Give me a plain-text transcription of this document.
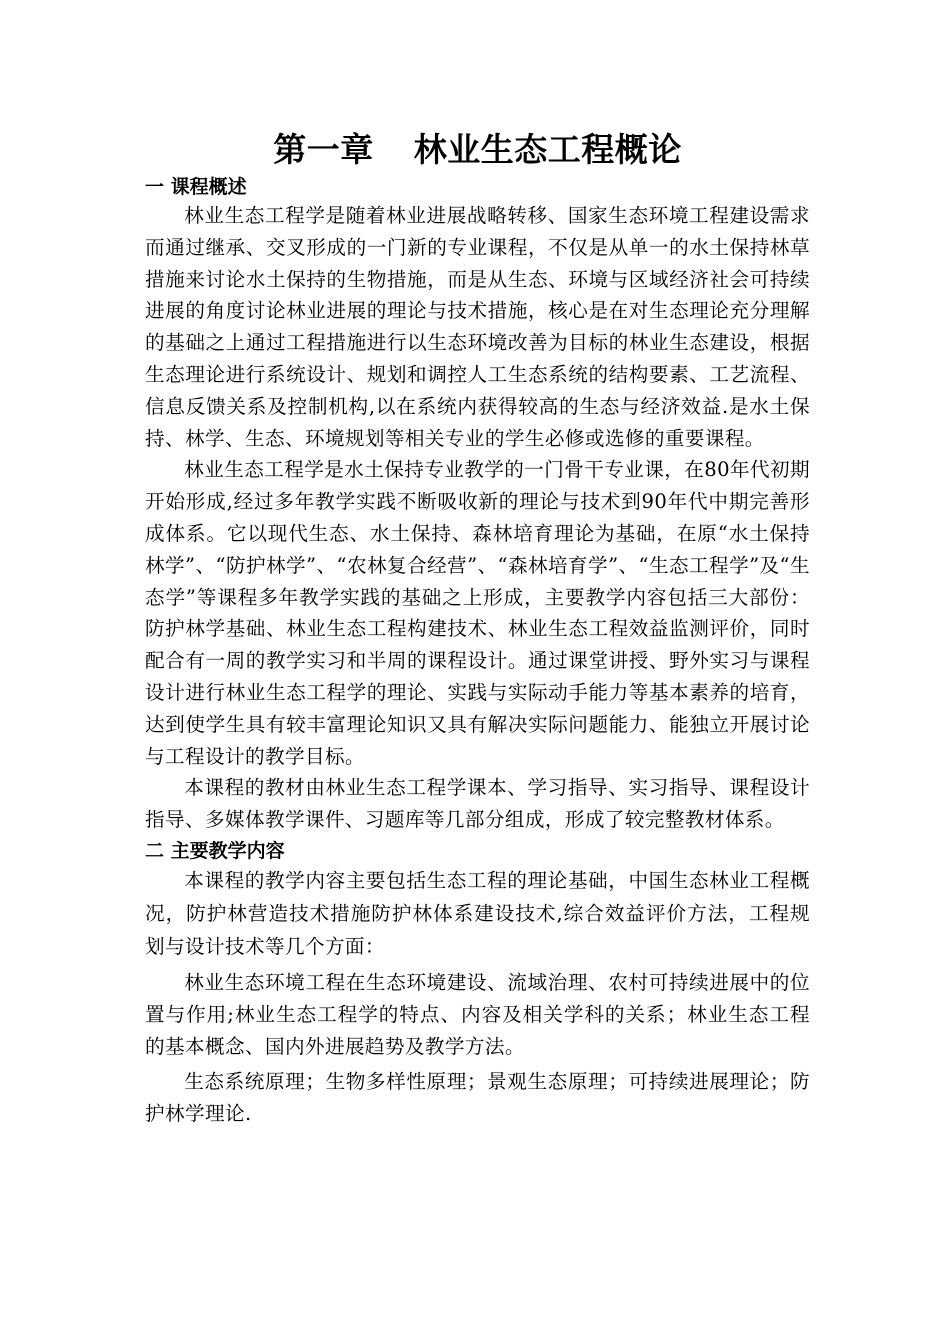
第一章  林业生态工程概论
一 课程概述

林业生态工程学是随着林业进展战略转移、国家生态环境工程建设需求而通过继承、交叉形成的一门新的专业课程，不仅是从单一的水土保持林草措施来讨论水土保持的生物措施，而是从生态、环境与区域经济社会可持续进展的角度讨论林业进展的理论与技术措施，核心是在对生态理论充分理解的基础之上通过工程措施进行以生态环境改善为目标的林业生态建设，根据生态理论进行系统设计、规划和调控人工生态系统的结构要素、工艺流程、信息反馈关系及控制机构,以在系统内获得较高的生态与经济效益.是水土保持、林学、生态、环境规划等相关专业的学生必修或选修的重要课程。

林业生态工程学是水土保持专业教学的一门骨干专业课，在80年代初期开始形成,经过多年教学实践不断吸收新的理论与技术到90年代中期完善形成体系。它以现代生态、水土保持、森林培育理论为基础，在原“水土保持林学”、“防护林学”、“农林复合经营”、“森林培育学”、“生态工程学”及“生态学”等课程多年教学实践的基础之上形成，主要教学内容包括三大部份：防护林学基础、林业生态工程构建技术、林业生态工程效益监测评价，同时配合有一周的教学实习和半周的课程设计。通过课堂讲授、野外实习与课程设计进行林业生态工程学的理论、实践与实际动手能力等基本素养的培育，达到使学生具有较丰富理论知识又具有解决实际问题能力、能独立开展讨论与工程设计的教学目标。

本课程的教材由林业生态工程学课本、学习指导、实习指导、课程设计指导、多媒体教学课件、习题库等几部分组成，形成了较完整教材体系。

二 主要教学内容

本课程的教学内容主要包括生态工程的理论基础，中国生态林业工程概况，防护林营造技术措施防护林体系建设技术,综合效益评价方法，工程规划与设计技术等几个方面：

林业生态环境工程在生态环境建设、流域治理、农村可持续进展中的位置与作用;林业生态工程学的特点、内容及相关学科的关系；林业生态工程的基本概念、国内外进展趋势及教学方法。

生态系统原理；生物多样性原理；景观生态原理；可持续进展理论；防护林学理论.
